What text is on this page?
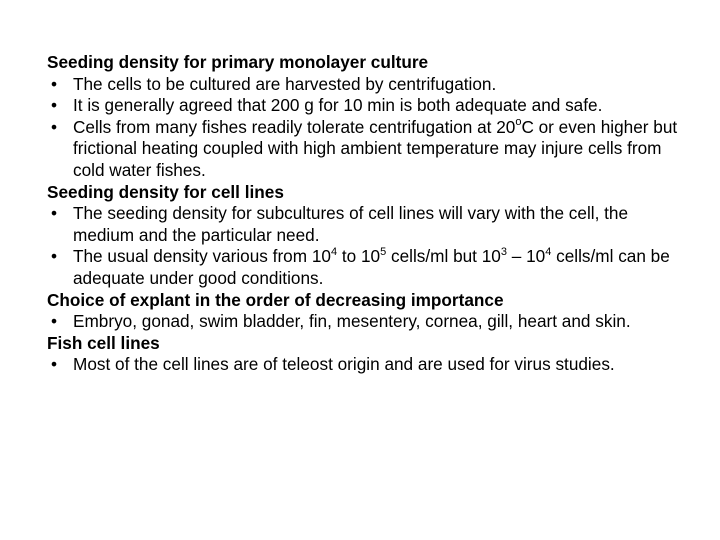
Seeding density for primary monolayer culture

• The cells to be cultured are harvested by centrifugation.
• It is generally agreed that 200 g for 10 min is both adequate and safe.
• Cells from many fishes readily tolerate centrifugation at 20$^o$C or even higher but frictional heating coupled with high ambient temperature may injure cells from cold water fishes.

Seeding density for cell lines

• The seeding density for subcultures of cell lines will vary with the cell, the medium and the particular need.
• The usual density various from $10^4$ to $10^5$ cells/ml but $10^3 - 10^4$ cells/ml can be adequate under good conditions.

Choice of explant in the order of decreasing importance

• Embryo, gonad, swim bladder, fin, mesentery, cornea, gill, heart and skin.

Fish cell lines

• Most of the cell lines are of teleost origin and are used for virus studies.
